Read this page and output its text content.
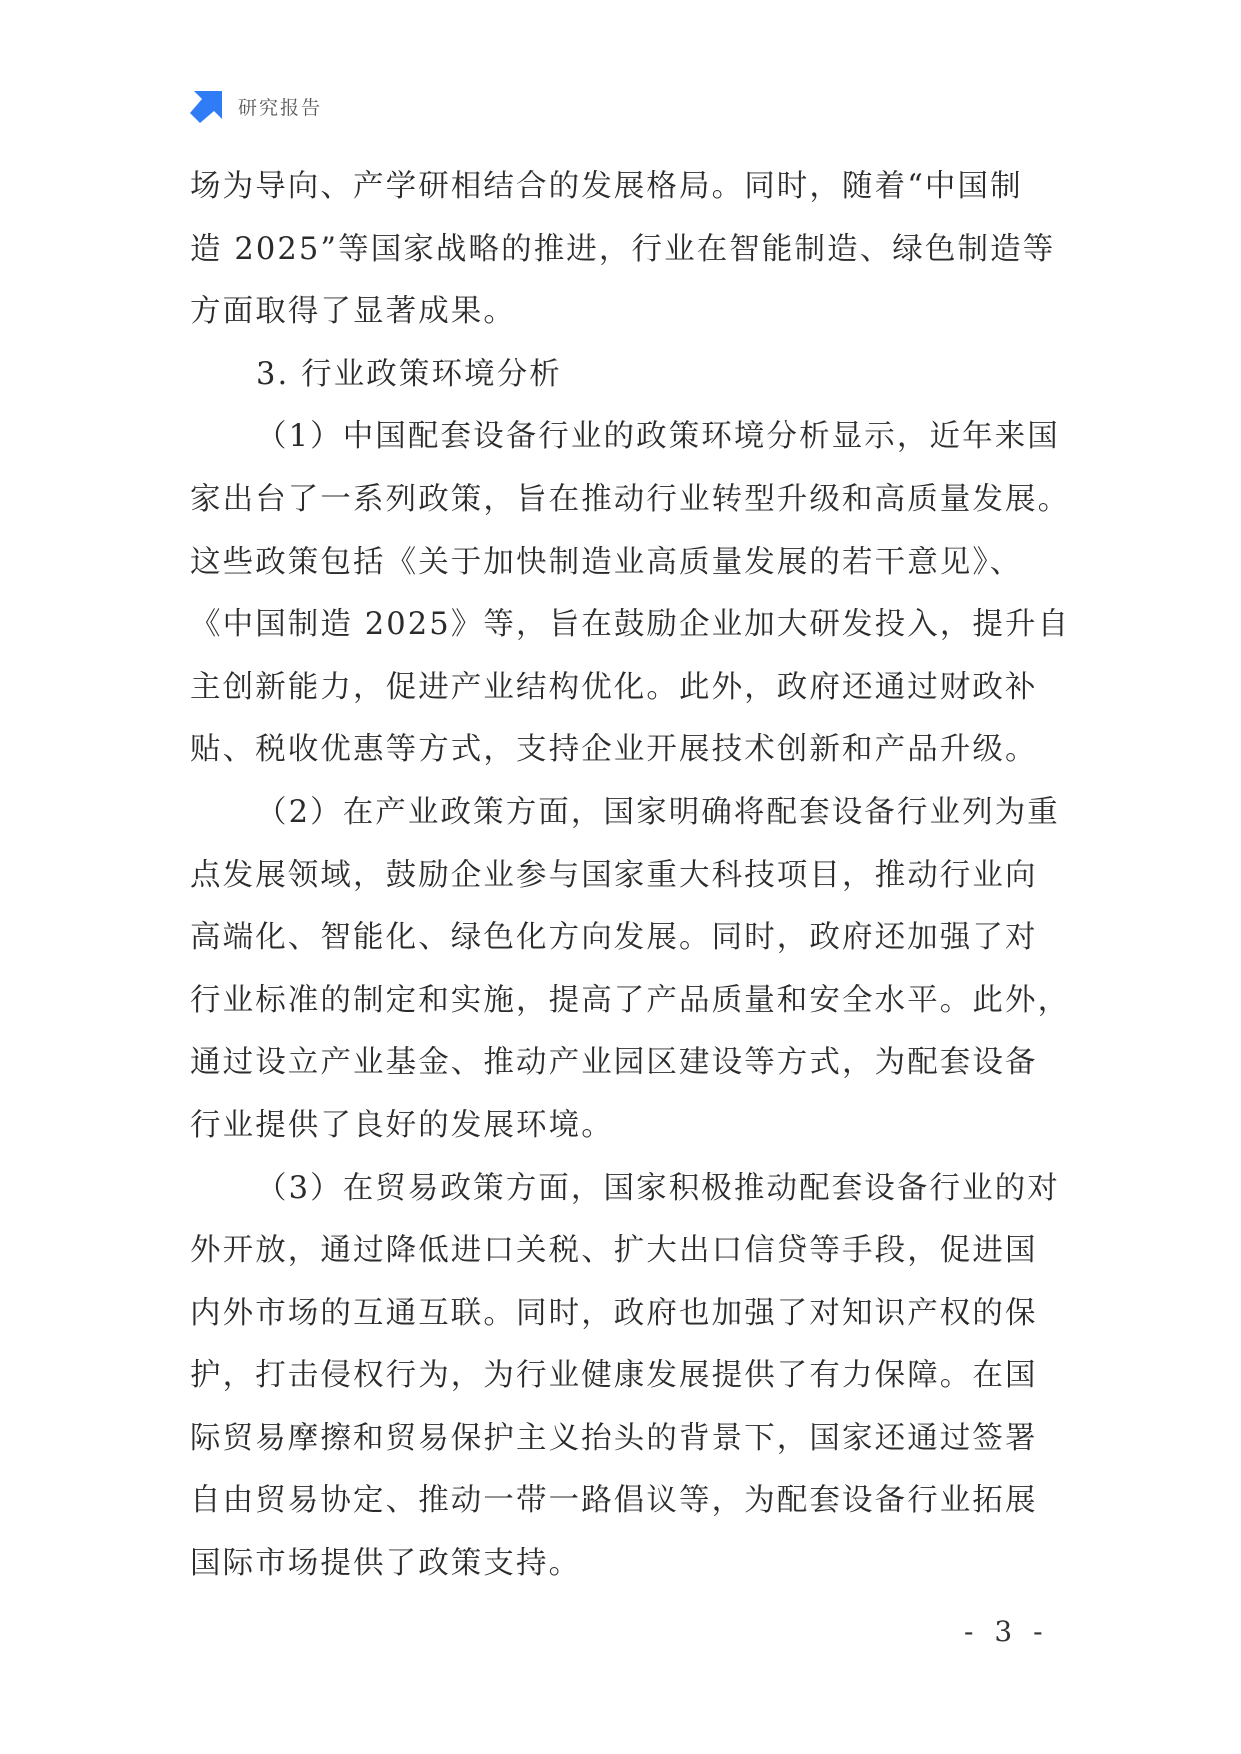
研究报告
场为导向、产学研相结合的发展格局。同时，随着“中国制
造 2025”等国家战略的推进，行业在智能制造、绿色制造等
方面取得了显著成果。
3. 行业政策环境分析
（1）中国配套设备行业的政策环境分析显示，近年来国
家出台了一系列政策，旨在推动行业转型升级和高质量发展。
这些政策包括《关于加快制造业高质量发展的若干意见》、
《中国制造 2025》等，旨在鼓励企业加大研发投入，提升自
主创新能力，促进产业结构优化。此外，政府还通过财政补
贴、税收优惠等方式，支持企业开展技术创新和产品升级。
（2）在产业政策方面，国家明确将配套设备行业列为重
点发展领域，鼓励企业参与国家重大科技项目，推动行业向
高端化、智能化、绿色化方向发展。同时，政府还加强了对
行业标准的制定和实施，提高了产品质量和安全水平。此外，
通过设立产业基金、推动产业园区建设等方式，为配套设备
行业提供了良好的发展环境。
（3）在贸易政策方面，国家积极推动配套设备行业的对
外开放，通过降低进口关税、扩大出口信贷等手段，促进国
内外市场的互通互联。同时，政府也加强了对知识产权的保
护，打击侵权行为，为行业健康发展提供了有力保障。在国
际贸易摩擦和贸易保护主义抬头的背景下，国家还通过签署
自由贸易协定、推动一带一路倡议等，为配套设备行业拓展
国际市场提供了政策支持。
- 3 -
